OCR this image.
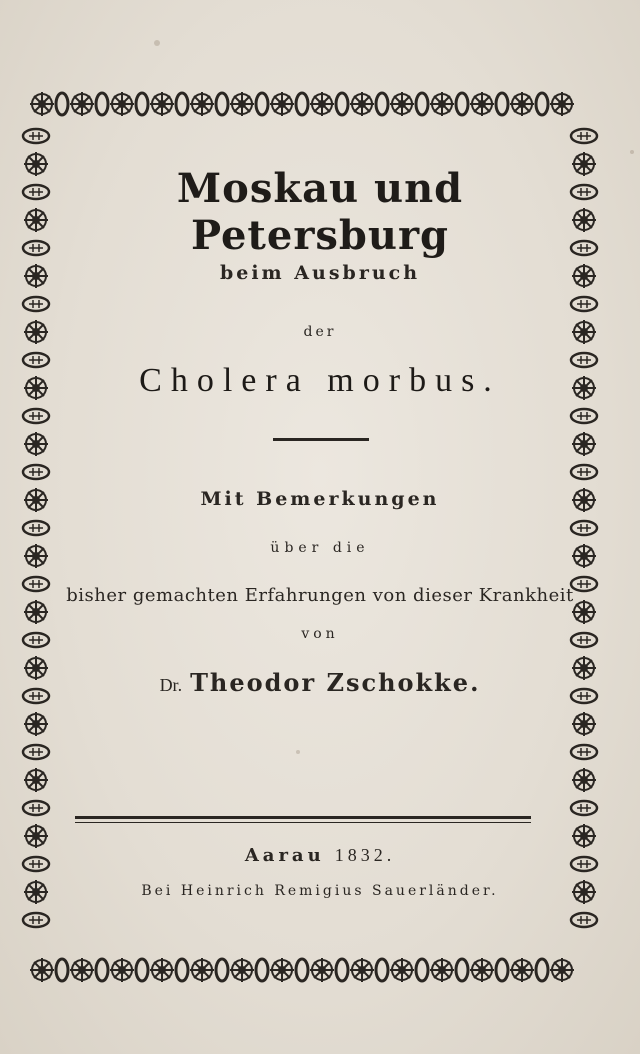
Moskau und Petersburg
beim Ausbruch
der
Cholera morbus.
Mit Bemerkungen
über die
bisher gemachten Erfahrungen von dieser Krankheit
von
Dr. Theodor Zschokke.
Aarau 1832.
Bei Heinrich Remigius Sauerländer.
